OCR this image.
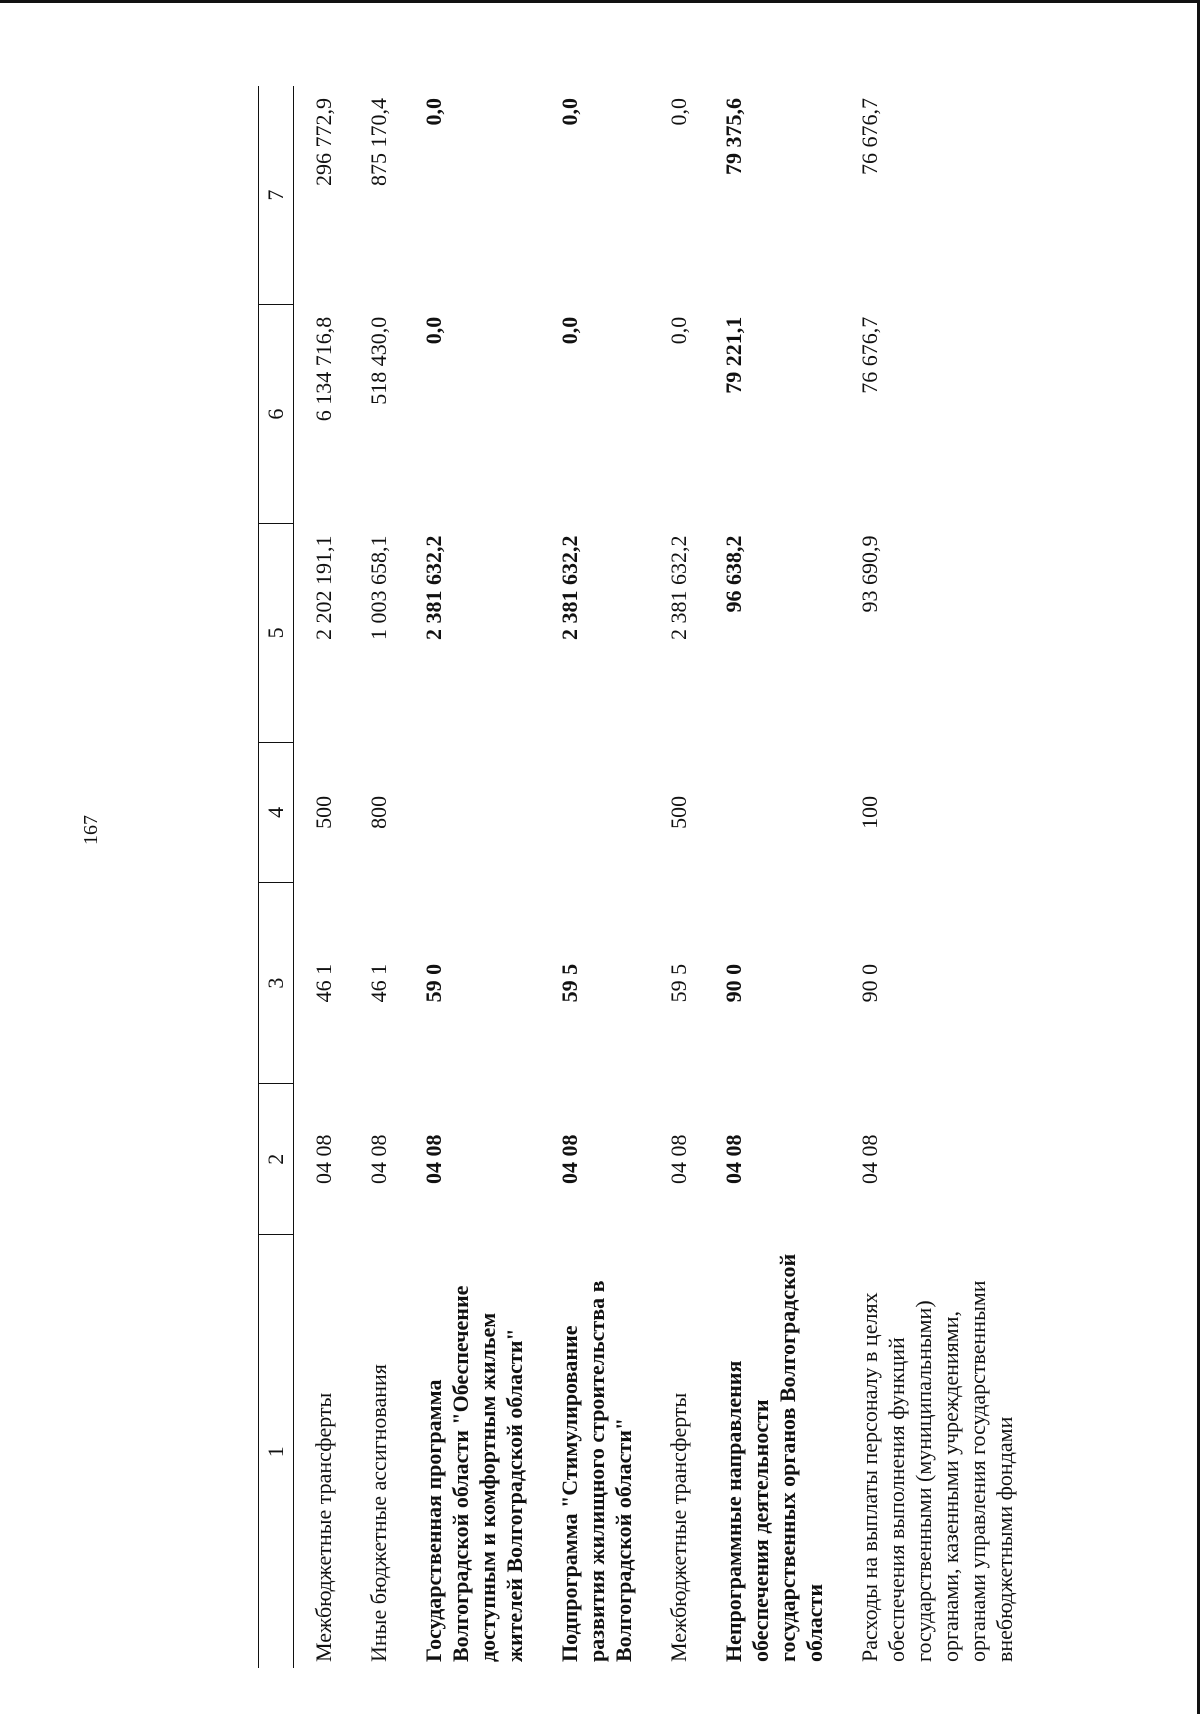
167
1	2	3	4	5	6	7
Межбюджетные трансферты	04 08	46 1	500	2 202 191,1	6 134 716,8	296 772,9
Иные бюджетные ассигнования	04 08	46 1	800	1 003 658,1	518 430,0	875 170,4
Государственная программа Волгоградской области "Обеспечение доступным и комфортным жильем жителей Волгоградской области"	04 08	59 0		2 381 632,2	0,0	0,0
Подпрограмма "Стимулирование развития жилищного строительства в Волгоградской области"	04 08	59 5		2 381 632,2	0,0	0,0
Межбюджетные трансферты	04 08	59 5	500	2 381 632,2	0,0	0,0
Непрограммные направления обеспечения деятельности государственных органов Волгоградской области	04 08	90 0		96 638,2	79 221,1	79 375,6
Расходы на выплаты персоналу в целях обеспечения выполнения функций государственными (муниципальными) органами, казенными учреждениями, органами управления государственными внебюджетными фондами	04 08	90 0	100	93 690,9	76 676,7	76 676,7
